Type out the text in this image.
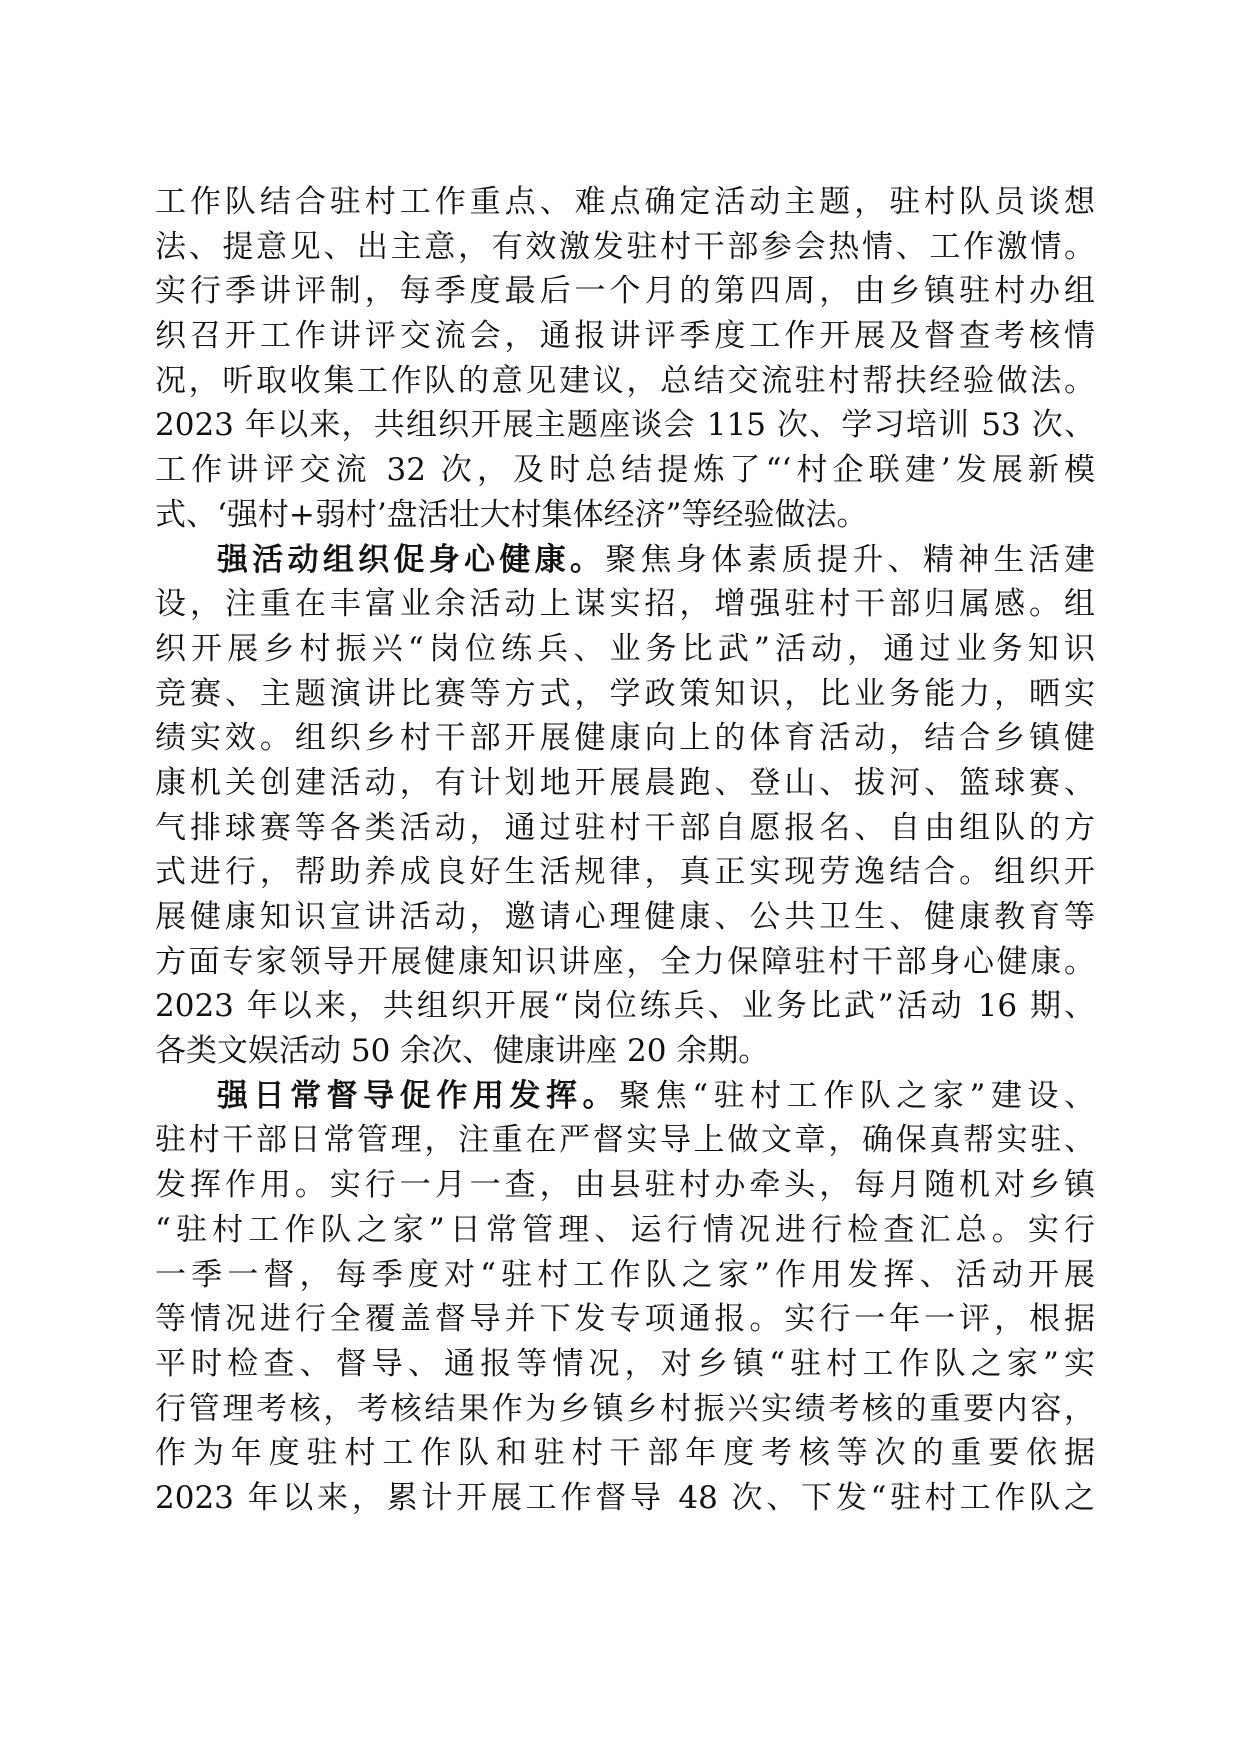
工作队结合驻村工作重点、难点确定活动主题，驻村队员谈想
法、提意见、出主意，有效激发驻村干部参会热情、工作激情。
实行季讲评制，每季度最后一个月的第四周，由乡镇驻村办组
织召开工作讲评交流会，通报讲评季度工作开展及督查考核情
况，听取收集工作队的意见建议，总结交流驻村帮扶经验做法。
2023 年以来，共组织开展主题座谈会 115 次、学习培训 53 次、
工作讲评交流 32 次，及时总结提炼了“‘村企联建’发展新模
式、‘强村+弱村’盘活壮大村集体经济”等经验做法。
强活动组织促身心健康。聚焦身体素质提升、精神生活建
设，注重在丰富业余活动上谋实招，增强驻村干部归属感。组
织开展乡村振兴“岗位练兵、业务比武”活动，通过业务知识
竞赛、主题演讲比赛等方式，学政策知识，比业务能力，晒实
绩实效。组织乡村干部开展健康向上的体育活动，结合乡镇健
康机关创建活动，有计划地开展晨跑、登山、拔河、篮球赛、
气排球赛等各类活动，通过驻村干部自愿报名、自由组队的方
式进行，帮助养成良好生活规律，真正实现劳逸结合。组织开
展健康知识宣讲活动，邀请心理健康、公共卫生、健康教育等
方面专家领导开展健康知识讲座，全力保障驻村干部身心健康。
2023 年以来，共组织开展“岗位练兵、业务比武”活动 16 期、
各类文娱活动 50 余次、健康讲座 20 余期。
强日常督导促作用发挥。聚焦“驻村工作队之家”建设、
驻村干部日常管理，注重在严督实导上做文章，确保真帮实驻、
发挥作用。实行一月一查，由县驻村办牵头，每月随机对乡镇
“驻村工作队之家”日常管理、运行情况进行检查汇总。实行
一季一督，每季度对“驻村工作队之家”作用发挥、活动开展
等情况进行全覆盖督导并下发专项通报。实行一年一评，根据
平时检查、督导、通报等情况，对乡镇“驻村工作队之家”实
行管理考核，考核结果作为乡镇乡村振兴实绩考核的重要内容，
作为年度驻村工作队和驻村干部年度考核等次的重要依据
2023 年以来，累计开展工作督导 48 次、下发“驻村工作队之
